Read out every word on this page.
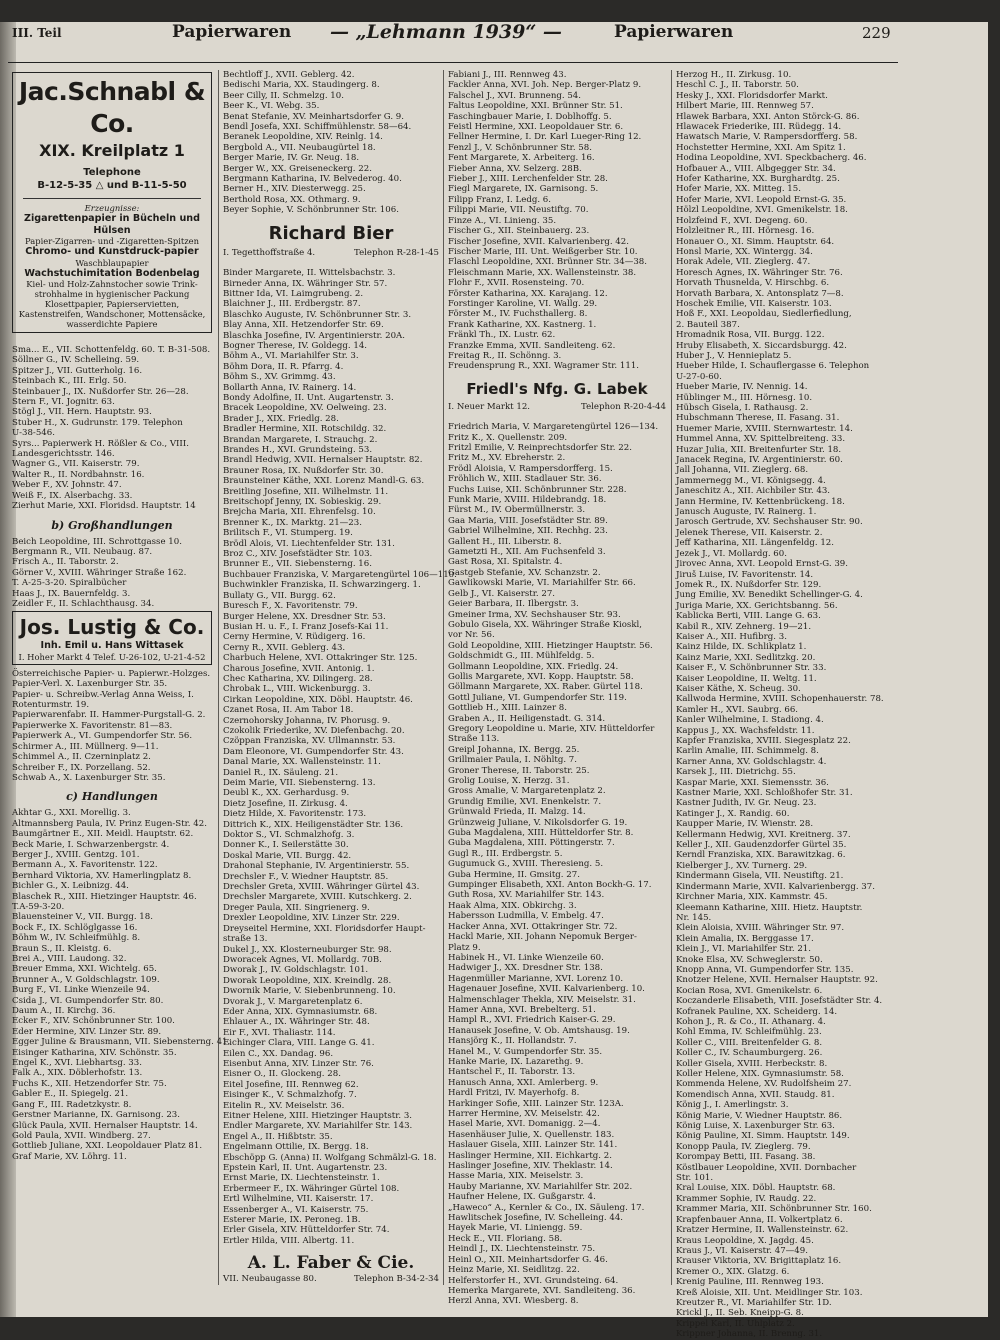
III. Teil	Papierwaren — „Lehmann 1939“ —	Papierwaren	229
Jac.Schnabl & Co.
XIX. Kreilplatz 1
Telephone
B-12-5-35 △ und B-11-5-50
Erzeugnisse:
Zigarettenpapier in Bücheln und Hülsen
Papier-Zigarren- und -Zigaretten-Spitzen
Chromo- und Kunstdruck-papier
Waschblaupapier
Wachstuchimitation Bodenbelag
Kiel- und Holz-Zahnstocher sowie Trink-strohhalme in hygienischer Packung
Klosettpapier, Papierservietten, Kastenstreifen, Wandschoner, Mottensäcke, wasserdichte Papiere

Sma... E., VII. Schottenfeldg. 60. T. B-31-508.

Söllner G., IV. Schelleing. 59.

Spitzer J., VII. Gutterholg. 16.

Steinbach K., III. Erlg. 50.

Steinbauer J., IX. Nußdorfer Str. 26—28.

Stern F., VI. Jognitr. 63.

Stögl J., VII. Hern. Hauptstr. 93.

Stuber H., X. Gudrunstr. 179. Telephon

U-38-546.

Syrs... Papierwerk H. Rößler & Co., VIII.

Landesgerichtsstr. 146.

Wagner G., VII. Kaiserstr. 79.

Walter R., II. Nordbahnstr. 16.

Weber F., XV. Johnstr. 47.

Weiß F., IX. Alserbachg. 33.

Zierhut Marie, XXI. Floridsd. Hauptstr. 14

b) Großhandlungen

Beich Leopoldine, III. Schrottgasse 10.

Bergmann R., VII. Neubaug. 87.

Frisch A., II. Taborstr. 2.

Görner V., XVIII. Währinger Straße 162.

T. A-25-3-20. Spiralbücher

Haas J., IX. Bauernfeldg. 3.

Zeidler F., II. Schlachthausg. 34.

Jos. Lustig & Co.
Inh. Emil u. Hans Wittasek
I. Hoher Markt 4 Telef. U-26-102, U-21-4-52

Österreichische Papier- u. Papierwr.-Holzges.

Papier-Verl. X. Laxenburger Str. 35.

Papier- u. Schreibw.-Verlag Anna Weiss, I.

Rotenturmstr. 19.

Papierwarenfabr. II. Hammer-Purgstall-G. 2.

Papierwerke X. Favoritenstr. 81—83.

Papierwerk A., VI. Gumpendorfer Str. 56.

Schirmer A., III. Müllnerg. 9—11.

Schimmel A., II. Czerninplatz 2.

Schreiber F., IX. Porzellang. 52.

Schwab A., X. Laxenburger Str. 35.

c) Handlungen

Akhtar G., XXI. Morellig. 3.

Altmannsberg Paula, IV. Prinz Eugen-Str. 42.

Baumgärtner E., XII. Meidl. Hauptstr. 62.

Beck Marie, I. Schwarzenbergstr. 4.

Berger J., XVIII. Gentzg. 101.

Bermann A., X. Favoritenstr. 122.

Bernhard Viktoria, XV. Hamerlingplatz 8.

Bichler G., X. Leibnizg. 44.

Blaschek R., XIII. Hietzinger Hauptstr. 46.

T.A-59-3-20.

Blauensteiner V., VII. Burgg. 18.

Bock F., IX. Schlöglgasse 16.

Böhm W., IV. Schleifmühlg. 8.

Braun S., II. Kleistg. 6.

Brei A., VIII. Laudong. 32.

Breuer Emma, XXI. Wichtelg. 65.

Brunner A., V. Goldschlagstr. 109.

Burg F., VI. Linke Wienzeile 94.

Csida J., VI. Gumpendorfer Str. 80.

Daum A., II. Kirchg. 36.

Ecker F., XIV. Schönbrunner Str. 100.

Eder Hermine, XIV. Linzer Str. 89.

Egger Juline & Brausmann, VII. Siebensterng. 41.

Eisinger Katharina, XIV. Schönstr. 35.

Engel K., XVI. Liebhartsg. 33.

Falk A., XIX. Döblerhofstr. 13.

Fuchs K., XII. Hetzendorfer Str. 75.

Gabler E., II. Spiegelg. 21.

Gang F., III. Radetzkystr. 8.

Gerstner Marianne, IX. Garnisong. 23.

Glück Paula, XVII. Hernalser Hauptstr. 14.

Gold Paula, XVII. Windberg. 27.

Gottlieb Juliane, XXI. Leopoldauer Platz 81.

Graf Marie, XV. Löhrg. 11.

Bechtloff J., XVII. Geblerg. 42.

Bedischi Maria, XX. Staudingerg. 8.

Beer Cilly, II. Schmelzg. 10.

Beer K., VI. Webg. 35.

Benat Stefanie, XV. Meinhartsdorfer G. 9.

Bendl Josefa, XXI. Schiffmühlenstr. 58—64.

Beranek Leopoldine, XIV. Reinlg. 14.

Bergbold A., VII. Neubaugürtel 18.

Berger Marie, IV. Gr. Neug. 18.

Berger W., XX. Greiseneckerg. 22.

Bergmann Katharina, IV. Belvederog. 40.

Berner H., XIV. Diesterwegg. 25.

Berthold Rosa, XX. Othmarg. 9.

Beyer Sophie, V. Schönbrunner Str. 106.

Richard Bier

I. Tegetthoffstraße 4.	Telephon R-28-1-45

Binder Margarete, II. Wittelsbachstr. 3.

Birneder Anna, IX. Währinger Str. 57.

Bittner Ida, VI. Laimgrubeng. 2.

Blaichner J., III. Erdbergstr. 87.

Blaschko Auguste, IV. Schönbrunner Str. 3.

Blay Anna, XII. Hetzendorfer Str. 69.

Blaschka Josefine, IV. Argentinierstr. 20A.

Bogner Therese, IV. Goldegg. 14.

Böhm A., VI. Mariahilfer Str. 3.

Böhm Dora, II. R. Pfarrg. 4.

Böhm S., XV. Grimmg. 43.

Bollarth Anna, IV. Rainerg. 14.

Bondy Adolfine, II. Unt. Augartenstr. 3.

Bracek Leopoldine, XV. Oelweing. 23.

Brader J., XIX. Friedlg. 28.

Bradler Hermine, XII. Rotschildg. 32.

Brandan Margarete, I. Strauchg. 2.

Brandes H., XVI. Grundsteing. 53.

Brandl Hedwig, XVII. Hernalser Hauptstr. 82.

Brauner Rosa, IX. Nußdorfer Str. 30.

Braunsteiner Käthe, XXI. Lorenz Mandl-G. 63.

Breitling Josefine, XII. Wilhelmstr. 11.

Breitschopf Jenny, IX. Sobieskig. 29.

Brejcha Maria, XII. Ehrenfelsg. 10.

Brenner K., IX. Marktg. 21—23.

Brilitsch F., VI. Stumperg. 19.

Brödl Alois, VI. Liechtenfelder Str. 131.

Broz C., XIV. Josefstädter Str. 103.

Brunner E., VII. Siebensterng. 16.

Buchbauer Franziska, V. Margaretengürtel 106—110.

Buchwinkler Franziska, II. Schwarzingerg. 1.

Bullaty G., VII. Burgg. 62.

Buresch F., X. Favoritenstr. 79.

Burger Helene, XX. Dresdner Str. 53.

Busian H. u. F., I. Franz Josefs-Kai 11.

Cerny Hermine, V. Rüdigerg. 16.

Cerny R., XVII. Geblerg. 43.

Charbuch Helene, XVI. Ottakringer Str. 125.

Charous Josefine, XVII. Antonig. 1.

Chec Katharina, XV. Dilingerg. 28.

Chrobak L., VIII. Wickenburgg. 3.

Cirkan Leopoldine, XIX. Döbl. Hauptstr. 46.

Czanet Rosa, II. Am Tabor 18.

Czernohorsky Johanna, IV. Phorusg. 9.

Czokolik Friederike, XV. Diefenbachg. 20.

Czöppan Franziska, XV. Ullmannstr. 53.

Dam Eleonore, VI. Gumpendorfer Str. 43.

Danal Marie, XX. Wallensteinstr. 11.

Daniel R., IX. Säuleng. 21.

Deim Marie, VII. Siebensterng. 13.

Deubl K., XX. Gerhardusg. 9.

Dietz Josefine, II. Zirkusg. 4.

Dietz Hilde, X. Favoritenstr. 173.

Dittrich K., XIX. Heiligenstädter Str. 136.

Doktor S., VI. Schmalzhofg. 3.

Donner K., I. Seilerstätte 30.

Doskal Marie, VII. Burgg. 42.

Drahonal Stephanie, IV. Argentinierstr. 55.

Drechsler F., V. Wiedner Hauptstr. 85.

Drechsler Greta, XVIII. Währinger Gürtel 43.

Drechsler Margarete, XVIII. Kutschkerg. 2.

Dreger Paula, XII. Singrienerg. 9.

Drexler Leopoldine, XIV. Linzer Str. 229.

Dreyseitel Hermine, XXI. Floridsdorfer Haupt-

straße 13.

Dukel J., XX. Klosterneuburger Str. 98.

Dworacek Agnes, VI. Mollardg. 70B.

Dworak J., IV. Goldschlagstr. 101.

Dworak Leopoldine, XIX. Kreindlg. 28.

Dwornik Marie, V. Siebenbrunneng. 10.

Dvorak J., V. Margaretenplatz 6.

Eder Anna, XIX. Gymnasiumstr. 68.

Ehlauer A., IX. Währinger Str. 48.

Eir F., XVI. Thaliastr. 114.

Eichinger Clara, VIII. Lange G. 41.

Eilen C., XX. Dandag. 96.

Eisenbut Anna, XIV. Linzer Str. 76.

Eisner O., II. Glockeng. 28.

Eitel Josefine, III. Rennweg 62.

Eisinger K., V. Schmalzhofg. 7.

Eitelin R., XV. Meiselstr. 36.

Eitner Helene, XIII. Hietzinger Hauptstr. 3.

Endler Margarete, XV. Mariahilfer Str. 143.

Engel A., II. Hißbtstr. 35.

Engelmann Ottilie, IX. Bergg. 18.

Ebschöpp G. (Anna) II. Wolfgang Schmälzl-G. 18.

Epstein Karl, II. Unt. Augartenstr. 23.

Ernst Marie, IX. Liechtensteinstr. 1.

Erbermeer F., IX. Währinger Gürtel 108.

Ertl Wilhelmine, VII. Kaiserstr. 17.

Essenberger A., VI. Kaiserstr. 75.

Esterer Marie, IX. Peroneg. 1B.

Erler Gisela, XIV. Hütteldorfer Str. 74.

Ertler Hilda, VIII. Albertg. 11.

A. L. Faber & Cie.

VII. Neubaugasse 80.	Telephon B-34-2-34

Fabiani J., III. Rennweg 43.

Fackler Anna, XVI. Joh. Nep. Berger-Platz 9.

Falschel J., XVI. Brunneng. 54.

Faltus Leopoldine, XXI. Brünner Str. 51.

Faschingbauer Marie, I. Doblhoffg. 5.

Feistl Hermine, XXI. Leopoldauer Str. 6.

Fellner Hermine, I. Dr. Karl Lueger-Ring 12.

Fenzl J., V. Schönbrunner Str. 58.

Fent Margarete, X. Arbeiterg. 16.

Fieber Anna, XV. Selzerg. 28B.

Fieber J., XIII. Lerchenfelder Str. 28.

Fiegl Margarete, IX. Garnisong. 5.

Filipp Franz, I. Ledg. 6.

Filippi Marie, VII. Neustiftg. 70.

Finze A., VI. Linieng. 35.

Fischer G., XII. Steinbauerg. 23.

Fischer Josefine, XVII. Kalvarienberg. 42.

Fischer Marie, III. Unt. Weißgerber Str. 10.

Flaschl Leopoldine, XXI. Brünner Str. 34—38.

Fleischmann Marie, XX. Wallensteinstr. 38.

Flohr F., XVII. Rosensteing. 70.

Förster Katharina, XX. Karajang. 12.

Forstinger Karoline, VI. Wallg. 29.

Förster M., IV. Fuchsthallerg. 8.

Frank Katharine, XX. Kastnerg. 1.

Fränkl Th., IX. Lustr. 62.

Franzke Emma, XVII. Sandleiteng. 62.

Freitag R., II. Schönng. 3.

Freudensprung R., XXI. Wagramer Str. 111.

Friedl's Nfg. G. Labek

I. Neuer Markt 12.	Telephon R-20-4-44

Friedrich Maria, V. Margaretengürtel 126—134.

Fritz K., X. Quellenstr. 209.

Fritzl Emilie, V. Reinprechtsdorfer Str. 22.

Fritz M., XV. Ebreherstr. 2.

Frödl Aloisia, V. Rampersdorfferg. 15.

Fröhlich W., XIII. Stadlauer Str. 36.

Fuchs Luise, XII. Schönbrunner Str. 228.

Funk Marie, XVIII. Hildebrandg. 18.

Fürst M., IV. Obermüllnerstr. 3.

Gaa Maria, VIII. Josefstädter Str. 89.

Gabriel Wilhelmine, XII. Rechhg. 23.

Gallent H., III. Liberstr. 8.

Gametzti H., XII. Am Fuchsenfeld 3.

Gast Rosa, XI. Spitalstr. 4.

Gastgeb Stefanie, XV. Schanzstr. 2.

Gawlikowski Marie, VI. Mariahilfer Str. 66.

Gelb J., VI. Kaiserstr. 27.

Geier Barbara, II. Ilbergstr. 3.

Gmeiner Irma, XV. Sechshauser Str. 93.

Gobulo Gisela, XX. Währinger Straße Kioskl,

vor Nr. 56.

Gold Leopoldine, XIII. Hietzinger Hauptstr. 56.

Goldschmidt G., III. Mühlfeldg. 5.

Gollmann Leopoldine, XIX. Friedlg. 24.

Gollis Margarete, XVI. Kopp. Hauptstr. 58.

Göllmann Margarete, XX. Raber. Gürtel 118.

Gottl Juliane, VI. Gumpendorfer Str. 119.

Gottlieb H., XIII. Lainzer 8.

Graben A., II. Heiligenstadt. G. 314.

Gregory Leopoldine u. Marie, XIV. Hütteldorfer

Straße 113.

Greipl Johanna, IX. Bergg. 25.

Grillmaier Paula, I. Nöhltg. 7.

Groner Therese, II. Taborstr. 25.

Grolig Louise, X. Herzg. 31.

Gross Amalie, V. Margaretenplatz 2.

Grundig Emilie, XVI. Enenkelstr. 7.

Grünwald Frieda, II. Malzg. 14.

Grünzweig Juliane, V. Nikolsdorfer G. 19.

Guba Magdalena, XIII. Hütteldorfer Str. 8.

Guba Magdalena, XIII. Pöttingerstr. 7.

Gugl R., III. Erdbergstr. 5.

Gugumuck G., XVIII. Theresieng. 5.

Guba Hermine, II. Gmsitg. 27.

Gumpinger Elisabeth, XXI. Anton Bockh-G. 17.

Guth Rosa, XV. Mariahilfer Str. 143.

Haak Alma, XIX. Obkirchg. 3.

Habersson Ludmilla, V. Embelg. 47.

Hacker Anna, XVI. Ottakringer Str. 72.

Hackl Marie, XII. Johann Nepomuk Berger-

Platz 9.

Habinek H., VI. Linke Wienzeile 60.

Hadwiger J., XX. Dresdner Str. 138.

Hagenmüller Marianne, XVI. Lorenz 10.

Hagenauer Josefine, XVII. Kalvarienberg. 10.

Halmenschlager Thekla, XIV. Meiselstr. 31.

Hamer Anna, XVI. Brebelterg. 51.

Hampl R., XVI. Friedrich Kaiser-G. 29.

Hanausek Josefine, V. Ob. Amtshausg. 19.

Hansjörg K., II. Hollandstr. 7.

Hanel M., V. Gumpendorfer Str. 35.

Hanke Marie, IX. Lazarethg. 9.

Hantschel F., II. Taborstr. 13.

Hanusch Anna, XXI. Amlerberg. 9.

Hardl Fritzi, IV. Mayerhofg. 8.

Harkinger Sofie, XIII. Lainzer Str. 123A.

Harrer Hermine, XV. Meiselstr. 42.

Hasel Marie, XVI. Domanigg. 2—4.

Hasenhäuser Julie, X. Quellenstr. 183.

Haslauer Gisela, XIII. Lainzer Str. 141.

Haslinger Hermine, XII. Eichkartg. 2.

Haslinger Josefine, XIV. Theklastr. 14.

Hasse Maria, XIX. Meiselstr. 3.

Hauby Marianne, XV. Mariahilfer Str. 202.

Haufner Helene, IX. Gußgarstr. 4.

„Haweco“ A., Kernler & Co., IX. Säuleng. 17.

Hawlitschek Josefine, IV. Schelleing. 44.

Hayek Marie, VI. Liniengg. 59.

Heck E., VII. Floriang. 58.

Heindl J., IX. Liechtensteinstr. 75.

Heinl O., XII. Meinhartsdorfer G. 46.

Heinz Marie, XI. Seidlitzg. 22.

Helferstorfer H., XVI. Grundsteing. 64.

Hemerka Margarete, XVI. Sandleiteng. 36.

Herzl Anna, XVI. Wiesberg. 8.

Herzog H., II. Zirkusg. 10.

Heschl C. J., II. Taborstr. 50.

Hesky J., XXI. Floridsdorfer Markt.

Hilbert Marie, III. Rennweg 57.

Hlawek Barbara, XXI. Anton Störck-G. 86.

Hlawacek Friederike, III. Rüdegg. 14.

Hawatsch Marie, V. Rampersdorfferg. 58.

Hochstetter Hermine, XXI. Am Spitz 1.

Hodina Leopoldine, XVI. Speckbacherg. 46.

Hofbauer A., VIII. Albgegger Str. 34.

Hofer Katharine, XX. Burghardtg. 25.

Hofer Marie, XX. Mitteg. 15.

Hofer Marie, XVI. Leopold Ernst-G. 35.

Hölzl Leopoldine, XVI. Gmenikelstr. 18.

Holzfeind F., XVI. Degeng. 60.

Holzleitner R., III. Hörnesg. 16.

Honauer O., XI. Simm. Hauptstr. 64.

Honsl Marie, XX. Wintergg. 34.

Horak Adele, VII. Zieglerg. 47.

Horesch Agnes, IX. Währinger Str. 76.

Horvath Thusnelda, V. Hirschbg. 6.

Horvath Barbara, X. Antonsplatz 7—8.

Hoschek Emilie, VII. Kaiserstr. 103.

Hoß F., XXI. Leopoldau, Siedlerfiedlung,

2. Bauteil 387.

Hromadnik Rosa, VII. Burgg. 122.

Hruby Elisabeth, X. Siccardsburgg. 42.

Huber J., V. Hennieplatz 5.

Hueber Hilde, I. Schauflergasse 6. Telephon

U-27-0-60.

Hueber Marie, IV. Nennig. 14.

Hüblinger M., III. Hörnesg. 10.

Hübsch Gisela, I. Rathausg. 2.

Hubschmann Therese, II. Fasang. 31.

Huemer Marie, XVIII. Sternwartestr. 14.

Hummel Anna, XV. Spittelbreiteng. 33.

Huzar Julia, XII. Breitenfurter Str. 18.

Janacek Regina, IV. Argentinierstr. 60.

Jall Johanna, VII. Zieglerg. 68.

Jammernegg M., VI. Königsegg. 4.

Janeschitz A., XII. Aichbiler Str. 43.

Jann Hermine, IV. Kettenbrückeng. 18.

Janusch Auguste, IV. Rainerg. 1.

Jarosch Gertrude, XV. Sechshauser Str. 90.

Jelenek Therese, VII. Kaiserstr. 2.

Jeff Katharina, XII. Längenfeldg. 12.

Jezek J., VI. Mollardg. 60.

Jirovec Anna, XVI. Leopold Ernst-G. 39.

Jiruš Luise, IV. Favoritenstr. 14.

Jomek R., IX. Nußdorfer Str. 129.

Jung Emilie, XV. Benedikt Schellinger-G. 4.

Juriga Marie, XX. Gerichtsbanng. 56.

Kablicka Berti, VIII. Lange G. 63.

Kabil R., XIV. Zehnerg. 19—21.

Kaiser A., XII. Hufibrg. 3.

Kainz Hilde, IX. Schlikplatz 1.

Kainz Marie, XXI. Sedlitzkg. 20.

Kaiser F., V. Schönbrunner Str. 33.

Kaiser Leopoldine, II. Weltg. 11.

Kaiser Käthe, X. Scheug. 30.

Kallwoda Hermine, XVIII. Schopenhauerstr. 78.

Kamler H., XVI. Saubrg. 66.

Kanler Wilhelmine, I. Stadiong. 4.

Kappus J., XX. Wachsfeldstr. 11.

Kapfer Franziska, XVIII. Siegesplatz 22.

Karlin Amalie, III. Schimmelg. 8.

Karner Anna, XV. Goldschlagstr. 4.

Karsek J., III. Dietrichg. 55.

Kaspar Marie, XXI. Siemensstr. 36.

Kastner Marie, XXI. Schloßhofer Str. 31.

Kastner Judith, IV. Gr. Neug. 23.

Katinger J., X. Randig. 60.

Kaupper Marie, IV. Wienstr. 28.

Kellermann Hedwig, XVI. Kreitnerg. 37.

Keller J., XII. Gaudenzdorfer Gürtel 35.

Kerndl Franziska, XIX. Barawitzkag. 6.

Kielberger J., XV. Turnerg. 29.

Kindermann Gisela, VII. Neustiftg. 21.

Kindermann Marie, XVII. Kalvarienbergg. 37.

Kirchner Maria, XIX. Kammstr. 45.

Kleemann Katharine, XIII. Hietz. Hauptstr.

Nr. 145.

Klein Aloisia, XVIII. Währinger Str. 97.

Klein Amalia, IX. Berggasse 17.

Klein J., VI. Mariahilfer Str. 21.

Knoke Elsa, XV. Schweglerstr. 50.

Knopp Anna, VI. Gumpendorfer Str. 135.

Knotzer Helene, XVII. Hernalser Hauptstr. 92.

Kocian Rosa, XVI. Gmenikelstr. 6.

Koczanderle Elisabeth, VIII. Josefstädter Str. 4.

Kofranek Pauline, XX. Scheiderg. 14.

Kohon J., R. & Co., II. Athanarg. 4.

Kohl Emma, IV. Schleifmühlg. 23.

Koller C., VIII. Breitenfelder G. 8.

Koller C., IV. Schaumburgerg. 26.

Koller Gisela, XVIII. Herbeckstr. 8.

Koller Helene, XIX. Gymnasiumstr. 58.

Kommenda Helene, XV. Rudolfsheim 27.

Komendisch Anna, XVII. Staudg. 81.

König J., I. Amerlingstr. 3.

König Marie, V. Wiedner Hauptstr. 86.

König Luise, X. Laxenburger Str. 63.

König Pauline, XI. Simm. Hauptstr. 149.

Konopp Paula, IV. Zieglerg. 79.

Korompay Betti, III. Fasang. 38.

Köstlbauer Leopoldine, XVII. Dornbacher

Str. 101.

Kral Louise, XIX. Döbl. Hauptstr. 68.

Krammer Sophie, IV. Raudg. 22.

Krammer Maria, XII. Schönbrunner Str. 160.

Krapfenbauer Anna, II. Volkertplatz 6.

Kratzer Hermine, II. Wallensteinstr. 62.

Kraus Leopoldine, X. Jagdg. 45.

Kraus J., VI. Kaiserstr. 47—49.

Krauser Viktoria, XV. Brigittaplatz 16.

Kremer O., XIX. Glatzg. 6.

Krenig Pauline, III. Rennweg 193.

Kreß Aloisie, XII. Unt. Meidlinger Str. 103.

Kreutzer R., VI. Mariahilfer Str. 1D.

Krickl J., II. Seb. Kneipp-G. 8.

Krippel Karl, II. Uhlplatz 2.

Krippner Johanna, II. Brenng. 31.
